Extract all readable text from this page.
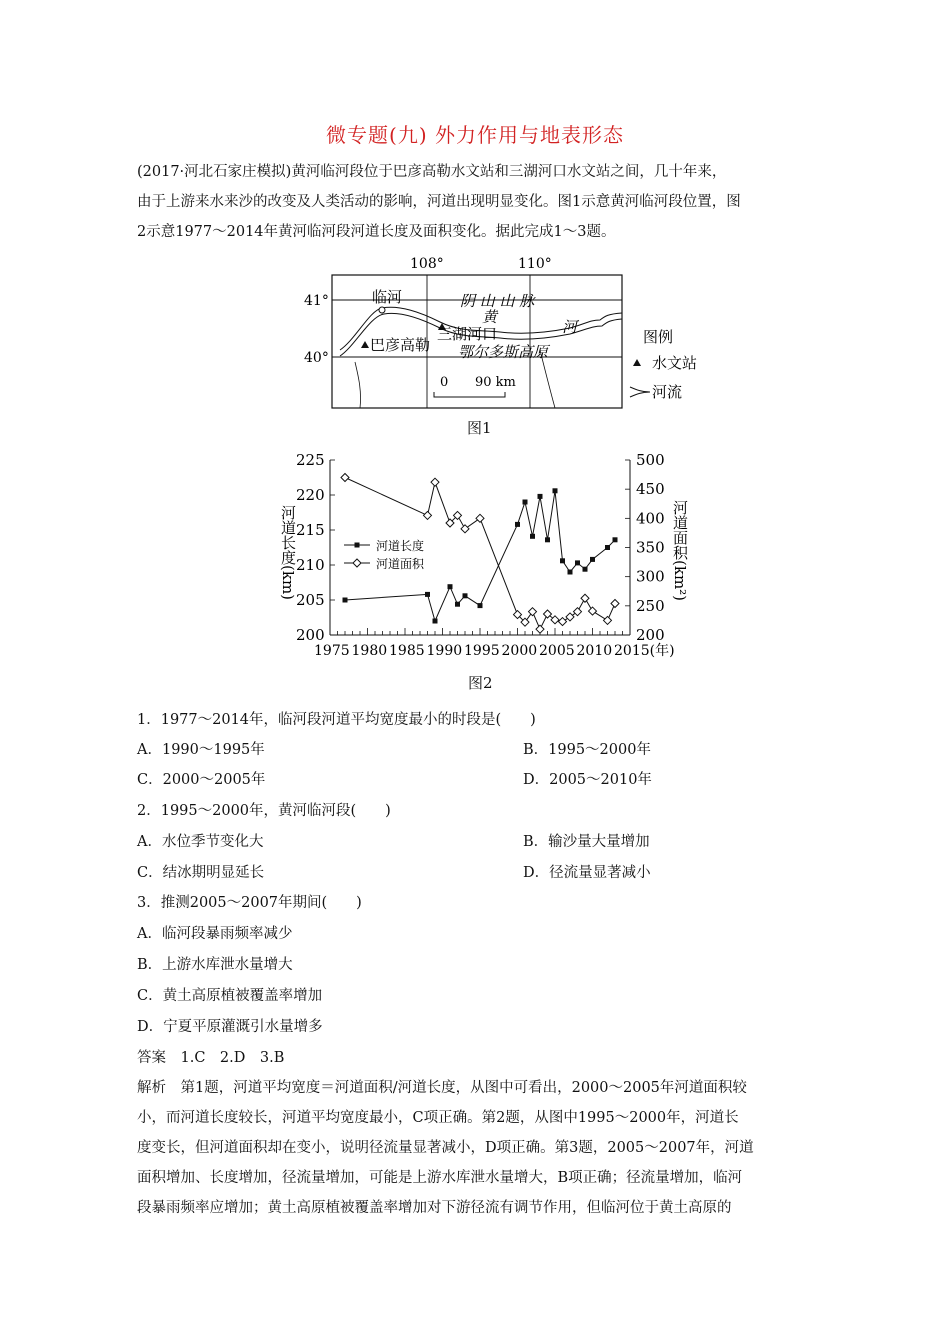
微专题(九) 外力作用与地表形态
(2017·河北石家庄模拟)黄河临河段位于巴彦高勒水文站和三湖河口水文站之间，几十年来，
由于上游来水来沙的改变及人类活动的影响，河道出现明显变化。图1示意黄河临河段位置，图
2示意1977～2014年黄河临河段河道长度及面积变化。据此完成1～3题。
108°	110°
41°
40°
临河	阴 山 山 脉
黄
河
三湖河口
巴彦高勒 鄂尔多斯高原
0 90 km
图例
水文站
河流
图1
1975 1980 1985 1990 1995 2000 2005 2010 2015(年)
200
205
210
215
220
225
200
250
300
350
400
450
500
河道长度(km)	河道面积(km²)
河道长度
河道面积
图2
1．1977～2014年，临河段河道平均宽度最小的时段是(　　)
A．1990～1995年	B．1995～2000年
C．2000～2005年	D．2005～2010年
2．1995～2000年，黄河临河段(　　)
A．水位季节变化大	B．输沙量大量增加
C．结冰期明显延长	D．径流量显著减小
3．推测2005～2007年期间(　　)
A．临河段暴雨频率减少
B．上游水库泄水量增大
C．黄土高原植被覆盖率增加
D．宁夏平原灌溉引水量增多
答案　1.C　2.D　3.B
解析　第1题，河道平均宽度＝河道面积/河道长度，从图中可看出，2000～2005年河道面积较
小，而河道长度较长，河道平均宽度最小，C项正确。第2题，从图中1995～2000年，河道长
度变长，但河道面积却在变小，说明径流量显著减小，D项正确。第3题，2005～2007年，河道
面积增加、长度增加，径流量增加，可能是上游水库泄水量增大，B项正确；径流量增加，临河
段暴雨频率应增加；黄土高原植被覆盖率增加对下游径流有调节作用，但临河位于黄土高原的
